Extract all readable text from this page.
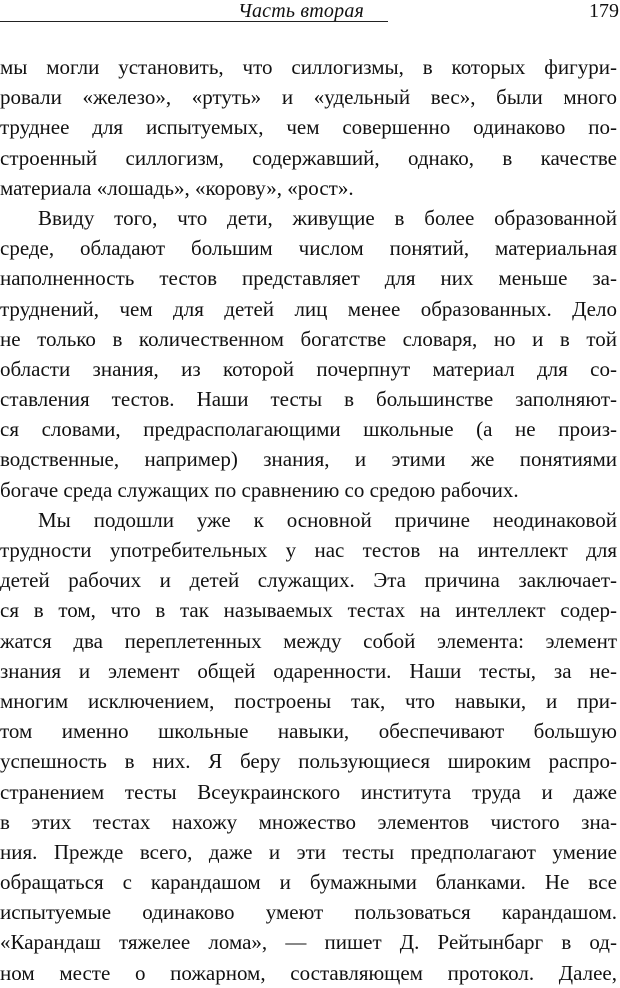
Часть вторая	179
мы могли установить, что силлогизмы, в которых фигури-
ровали «железо», «ртуть» и «удельный вес», были много
труднее для испытуемых, чем совершенно одинаково по-
строенный силлогизм, содержавший, однако, в качестве
материала «лошадь», «корову», «рост».
Ввиду того, что дети, живущие в более образованной
среде, обладают большим числом понятий, материальная
наполненность тестов представляет для них меньше за-
труднений, чем для детей лиц менее образованных. Дело
не только в количественном богатстве словаря, но и в той
области знания, из которой почерпнут материал для со-
ставления тестов. Наши тесты в большинстве заполняют-
ся словами, предрасполагающими школьные (а не произ-
водственные, например) знания, и этими же понятиями
богаче среда служащих по сравнению со средою рабочих.
Мы подошли уже к основной причине неодинаковой
трудности употребительных у нас тестов на интеллект для
детей рабочих и детей служащих. Эта причина заключает-
ся в том, что в так называемых тестах на интеллект содер-
жатся два переплетенных между собой элемента: элемент
знания и элемент общей одаренности. Наши тесты, за не-
многим исключением, построены так, что навыки, и при-
том именно школьные навыки, обеспечивают большую
успешность в них. Я беру пользующиеся широким распро-
странением тесты Всеукраинского института труда и даже
в этих тестах нахожу множество элементов чистого зна-
ния. Прежде всего, даже и эти тесты предполагают умение
обращаться с карандашом и бумажными бланками. Не все
испытуемые одинаково умеют пользоваться карандашом.
«Карандаш тяжелее лома», — пишет Д. Рейтынбарг в од-
ном месте о пожарном, составляющем протокол. Далее,
